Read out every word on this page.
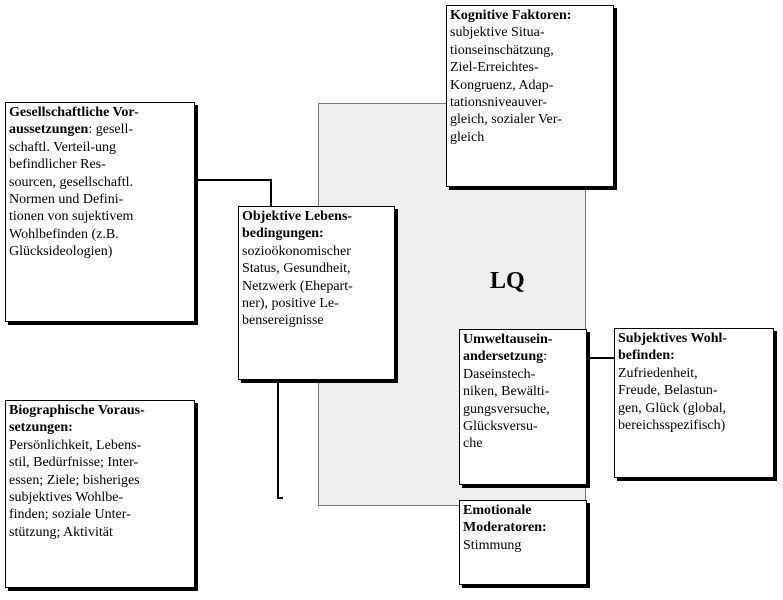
LQ
Kognitive Faktoren:
subjektive Situa-
tionseinschätzung,
Ziel-Erreichtes-
Kongruenz, Adap-
tationsniveauver-
gleich, sozialer Ver-
gleich
Gesellschaftliche Vor-
aussetzungen: gesell-
schaftl. Verteil-ung
befindlicher Res-
sourcen, gesellschaftl.
Normen und Defini-
tionen von sujektivem
Wohlbefinden (z.B.
Glücksideologien)
Objektive Lebens-
bedingungen:
sozioökonomischer
Status, Gesundheit,
Netzwerk (Ehepart-
ner), positive Le-
bensereignisse
Biographische Voraus-
setzungen:
Persönlichkeit, Lebens-
stil, Bedürfnisse; Inter-
essen; Ziele; bisheriges
subjektives Wohlbe-
finden; soziale Unter-
stützung; Aktivität
Umweltausein-
andersetzung:
Daseinstech-
niken, Bewälti-
gungsversuche,
Glücksversu-
che
Subjektives Wohl-
befinden:
Zufriedenheit,
Freude, Belastun-
gen, Glück (global,
bereichsspezifisch)
Emotionale
Moderatoren:
Stimmung
